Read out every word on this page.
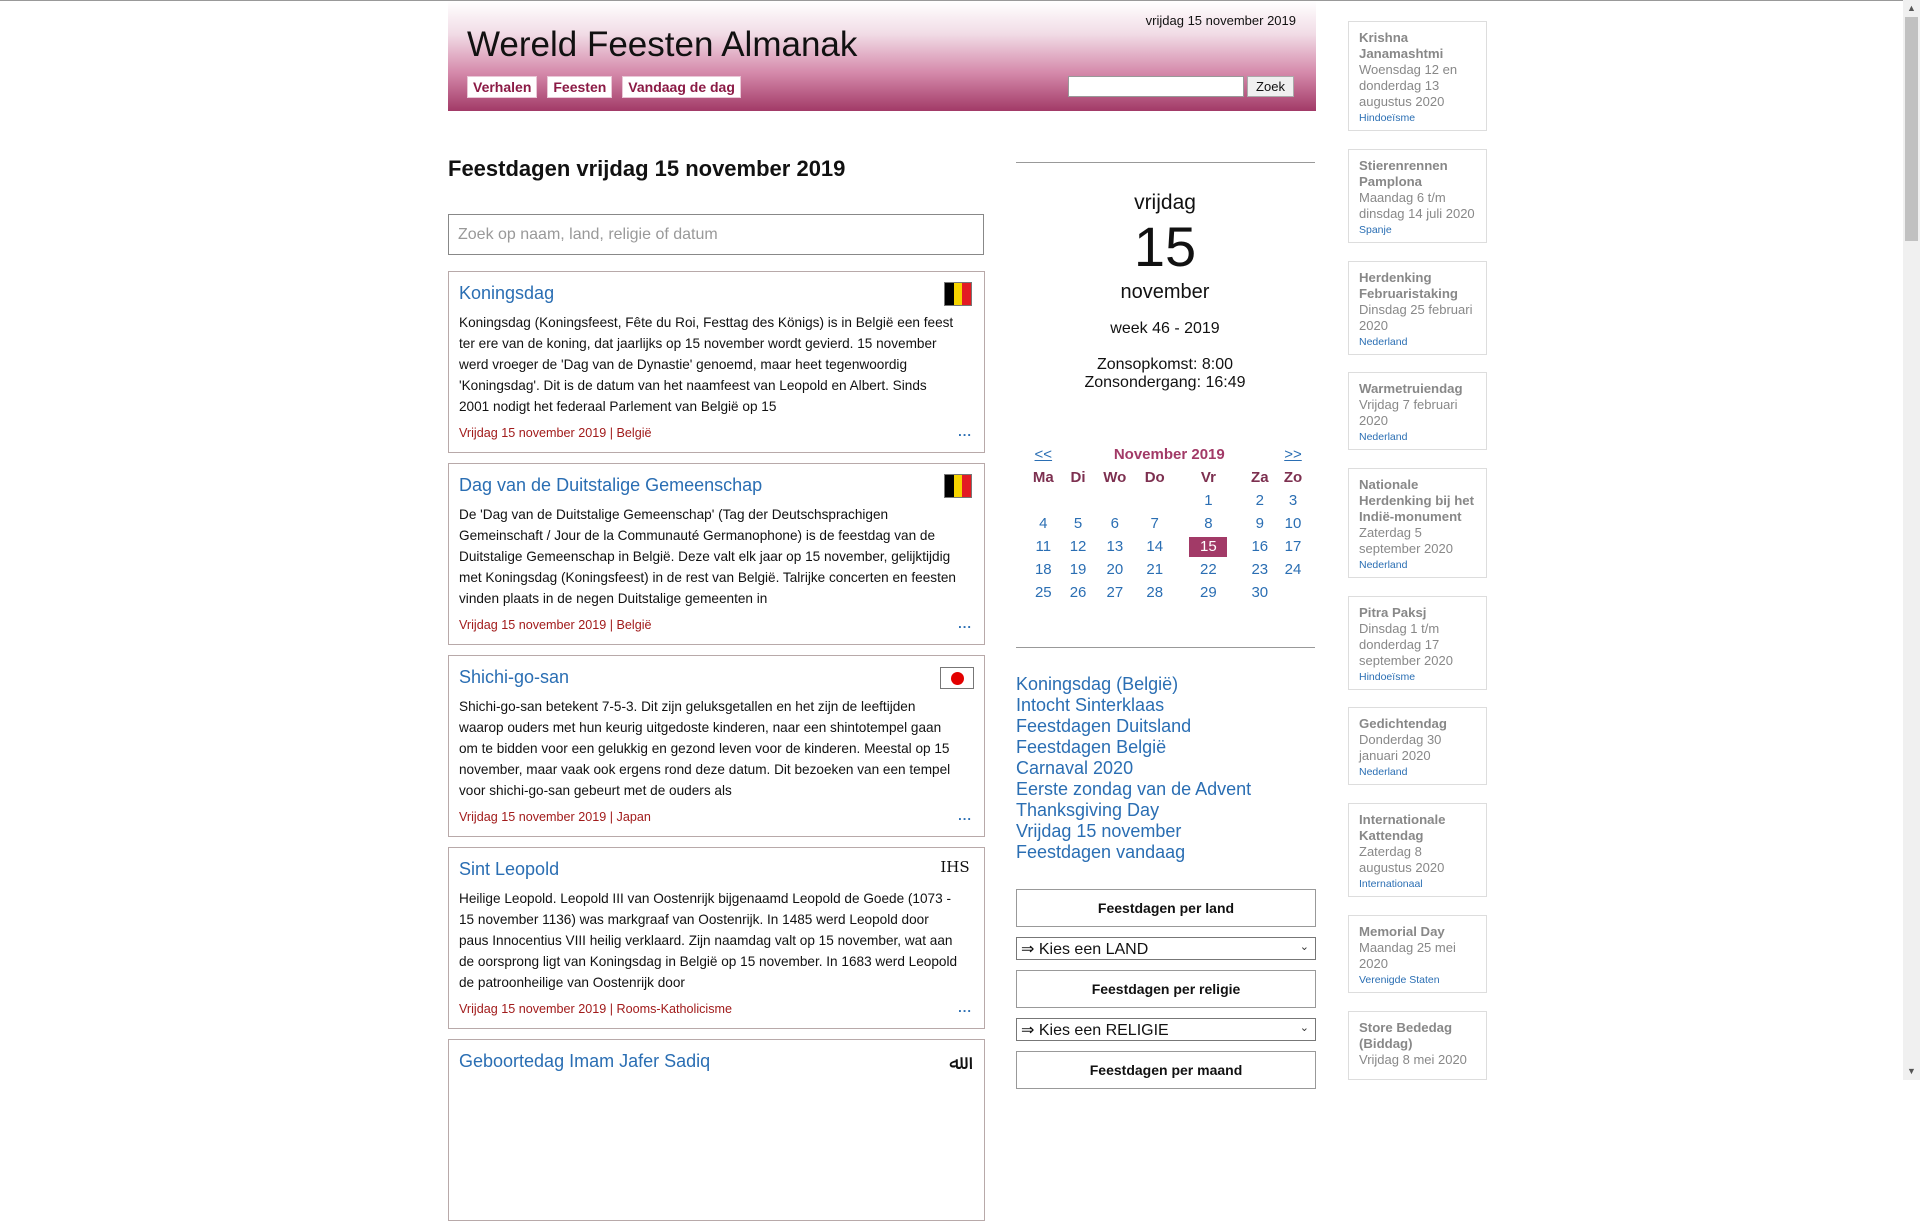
vrijdag 15 november 2019
Wereld Feesten Almanak
Verhalen	Feesten	Vandaag de dag	Zoek
Feestdagen vrijdag 15 november 2019
Zoek op naam, land, religie of datum
Koningsdag
Koningsdag (Koningsfeest, Fête du Roi, Festtag des Königs) is in België een feest ter ere van de koning, dat jaarlijks op 15 november wordt gevierd. 15 november werd vroeger de 'Dag van de Dynastie' genoemd, maar heet tegenwoordig 'Koningsdag'. Dit is de datum van het naamfeest van Leopold en Albert. Sinds 2001 nodigt het federaal Parlement van België op 15
Vrijdag 15 november 2019 | België	...
Dag van de Duitstalige Gemeenschap
De 'Dag van de Duitstalige Gemeenschap' (Tag der Deutschsprachigen Gemeinschaft / Jour de la Communauté Germanophone) is de feestdag van de Duitstalige Gemeenschap in België. Deze valt elk jaar op 15 november, gelijktijdig met Koningsdag (Koningsfeest) in de rest van België. Talrijke concerten en feesten vinden plaats in de negen Duitstalige gemeenten in
Vrijdag 15 november 2019 | België	...
Shichi-go-san
Shichi-go-san betekent 7-5-3. Dit zijn geluksgetallen en het zijn de leeftijden waarop ouders met hun keurig uitgedoste kinderen, naar een shintotempel gaan om te bidden voor een gelukkig en gezond leven voor de kinderen. Meestal op 15 november, maar vaak ook ergens rond deze datum. Dit bezoeken van een tempel voor shichi-go-san gebeurt met de ouders als
Vrijdag 15 november 2019 | Japan	...
Sint Leopold	IHS
Heilige Leopold. Leopold III van Oostenrijk bijgenaamd Leopold de Goede (1073 - 15 november 1136) was markgraaf van Oostenrijk. In 1485 werd Leopold door paus Innocentius VIII heilig verklaard. Zijn naamdag valt op 15 november, wat aan de oorsprong ligt van Koningsdag in België op 15 november. In 1683 werd Leopold de patroonheilige van Oostenrijk door
Vrijdag 15 november 2019 | Rooms-Katholicisme	...
Geboortedag Imam Jafer Sadiq	ﷲ
vrijdag
15
november
week 46 - 2019
Zonsopkomst: 8:00
Zonsondergang: 16:49
<<	November 2019					>>
Ma	Di	Wo	Do	Vr	Za	Zo
				1	2	3
4	5	6	7	8	9	10
11	12	13	14	15	16	17
18	19	20	21	22	23	24
25	26	27	28	29	30	
Koningsdag (België)
Intocht Sinterklaas
Feestdagen Duitsland
Feestdagen België
Carnaval 2020
Eerste zondag van de Advent
Thanksgiving Day
Vrijdag 15 november
Feestdagen vandaag
Feestdagen per land
⇒ Kies een LAND	⌄
Feestdagen per religie
⇒ Kies een RELIGIE	⌄
Feestdagen per maand
Krishna Janamashtmi
Woensdag 12 en donderdag 13 augustus 2020
Hindoeïsme
Stierenrennen Pamplona
Maandag 6 t/m dinsdag 14 juli 2020
Spanje
Herdenking Februaristaking
Dinsdag 25 februari 2020
Nederland
Warmetruiendag
Vrijdag 7 februari 2020
Nederland
Nationale Herdenking bij het Indië-monument
Zaterdag 5 september 2020
Nederland
Pitra Paksj
Dinsdag 1 t/m donderdag 17 september 2020
Hindoeïsme
Gedichtendag
Donderdag 30 januari 2020
Nederland
Internationale Kattendag
Zaterdag 8 augustus 2020
Internationaal
Memorial Day
Maandag 25 mei 2020
Verenigde Staten
Store Bededag (Biddag)
Vrijdag 8 mei 2020
▲
▼
